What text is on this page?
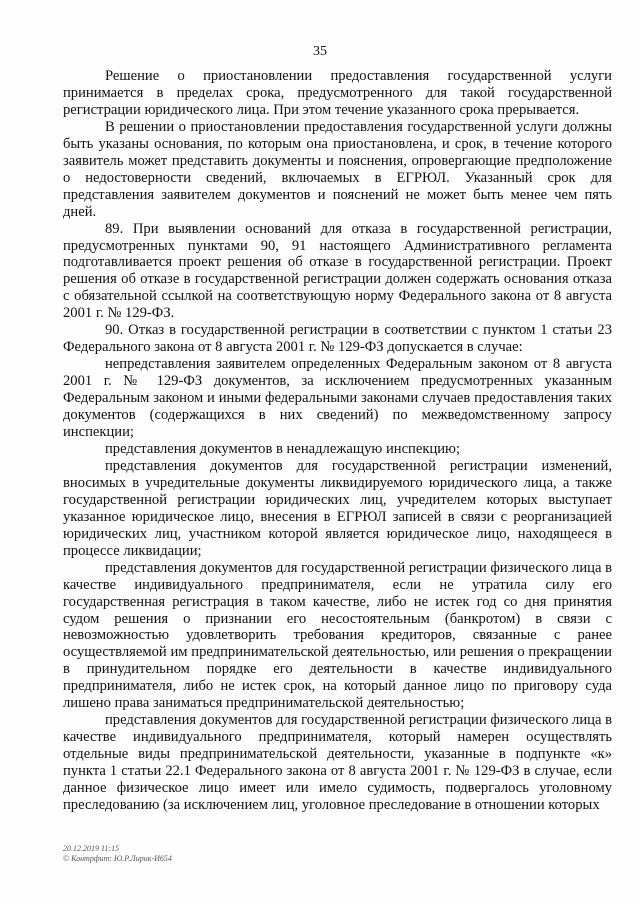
35

Решение о приостановлении предоставления государственной услуги принимается в пределах срока, предусмотренного для такой государственной регистрации юридического лица. При этом течение указанного срока прерывается.

В решении о приостановлении предоставления государственной услуги должны быть указаны основания, по которым она приостановлена, и срок, в течение которого заявитель может представить документы и пояснения, опровергающие предположение о недостоверности сведений, включаемых в ЕГРЮЛ. Указанный срок для представления заявителем документов и пояснений не может быть менее чем пять дней.

89. При выявлении оснований для отказа в государственной регистрации, предусмотренных пунктами 90, 91 настоящего Административного регламента подготавливается проект решения об отказе в государственной регистрации. Проект решения об отказе в государственной регистрации должен содержать основания отказа с обязательной ссылкой на соответствующую норму Федерального закона от 8 августа 2001 г. № 129-ФЗ.

90. Отказ в государственной регистрации в соответствии с пунктом 1 статьи 23 Федерального закона от 8 августа 2001 г. № 129-ФЗ допускается в случае:

непредставления заявителем определенных Федеральным законом от 8 августа 2001 г. № 129-ФЗ документов, за исключением предусмотренных указанным Федеральным законом и иными федеральными законами случаев предоставления таких документов (содержащихся в них сведений) по межведомственному запросу инспекции;

представления документов в ненадлежащую инспекцию;

представления документов для государственной регистрации изменений, вносимых в учредительные документы ликвидируемого юридического лица, а также государственной регистрации юридических лиц, учредителем которых выступает указанное юридическое лицо, внесения в ЕГРЮЛ записей в связи с реорганизацией юридических лиц, участником которой является юридическое лицо, находящееся в процессе ликвидации;

представления документов для государственной регистрации физического лица в качестве индивидуального предпринимателя, если не утратила силу его государственная регистрация в таком качестве, либо не истек год со дня принятия судом решения о признании его несостоятельным (банкротом) в связи с невозможностью удовлетворить требования кредиторов, связанные с ранее осуществляемой им предпринимательской деятельностью, или решения о прекращении в принудительном порядке его деятельности в качестве индивидуального предпринимателя, либо не истек срок, на который данное лицо по приговору суда лишено права заниматься предпринимательской деятельностью;

представления документов для государственной регистрации физического лица в качестве индивидуального предпринимателя, который намерен осуществлять отдельные виды предпринимательской деятельности, указанные в подпункте «к» пункта 1 статьи 22.1 Федерального закона от 8 августа 2001 г. № 129-ФЗ в случае, если данное физическое лицо имеет или имело судимость, подвергалось уголовному преследованию (за исключением лиц, уголовное преследование в отношении которых

20.12.2019 11:15
© Контрфит: Ю.Р.Лирик-И654
